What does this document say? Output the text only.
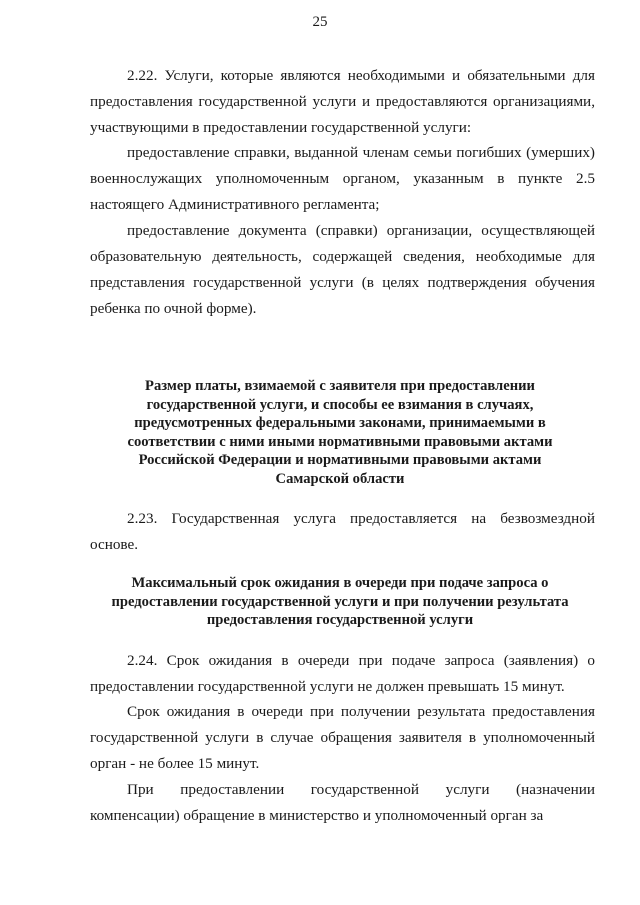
25

2.22. Услуги, которые являются необходимыми и обязательными для предоставления государственной услуги и предоставляются организациями, участвующими в предоставлении государственной услуги:

предоставление справки, выданной членам семьи погибших (умерших) военнослужащих уполномоченным органом, указанным в пункте 2.5 настоящего Административного регламента;

предоставление документа (справки) организации, осуществляющей образовательную деятельность, содержащей сведения, необходимые для представления государственной услуги (в целях подтверждения обучения ребенка по очной форме).

Размер платы, взимаемой с заявителя при предоставлении государственной услуги, и способы ее взимания в случаях, предусмотренных федеральными законами, принимаемыми в соответствии с ними иными нормативными правовыми актами Российской Федерации и нормативными правовыми актами Самарской области

2.23. Государственная услуга предоставляется на безвозмездной основе.

Максимальный срок ожидания в очереди при подаче запроса о предоставлении государственной услуги и при получении результата предоставления государственной услуги

2.24. Срок ожидания в очереди при подаче запроса (заявления) о предоставлении государственной услуги не должен превышать 15 минут.

Срок ожидания в очереди при получении результата предоставления государственной услуги в случае обращения заявителя в уполномоченный орган - не более 15 минут.

При предоставлении государственной услуги (назначении компенсации) обращение в министерство и уполномоченный орган за
